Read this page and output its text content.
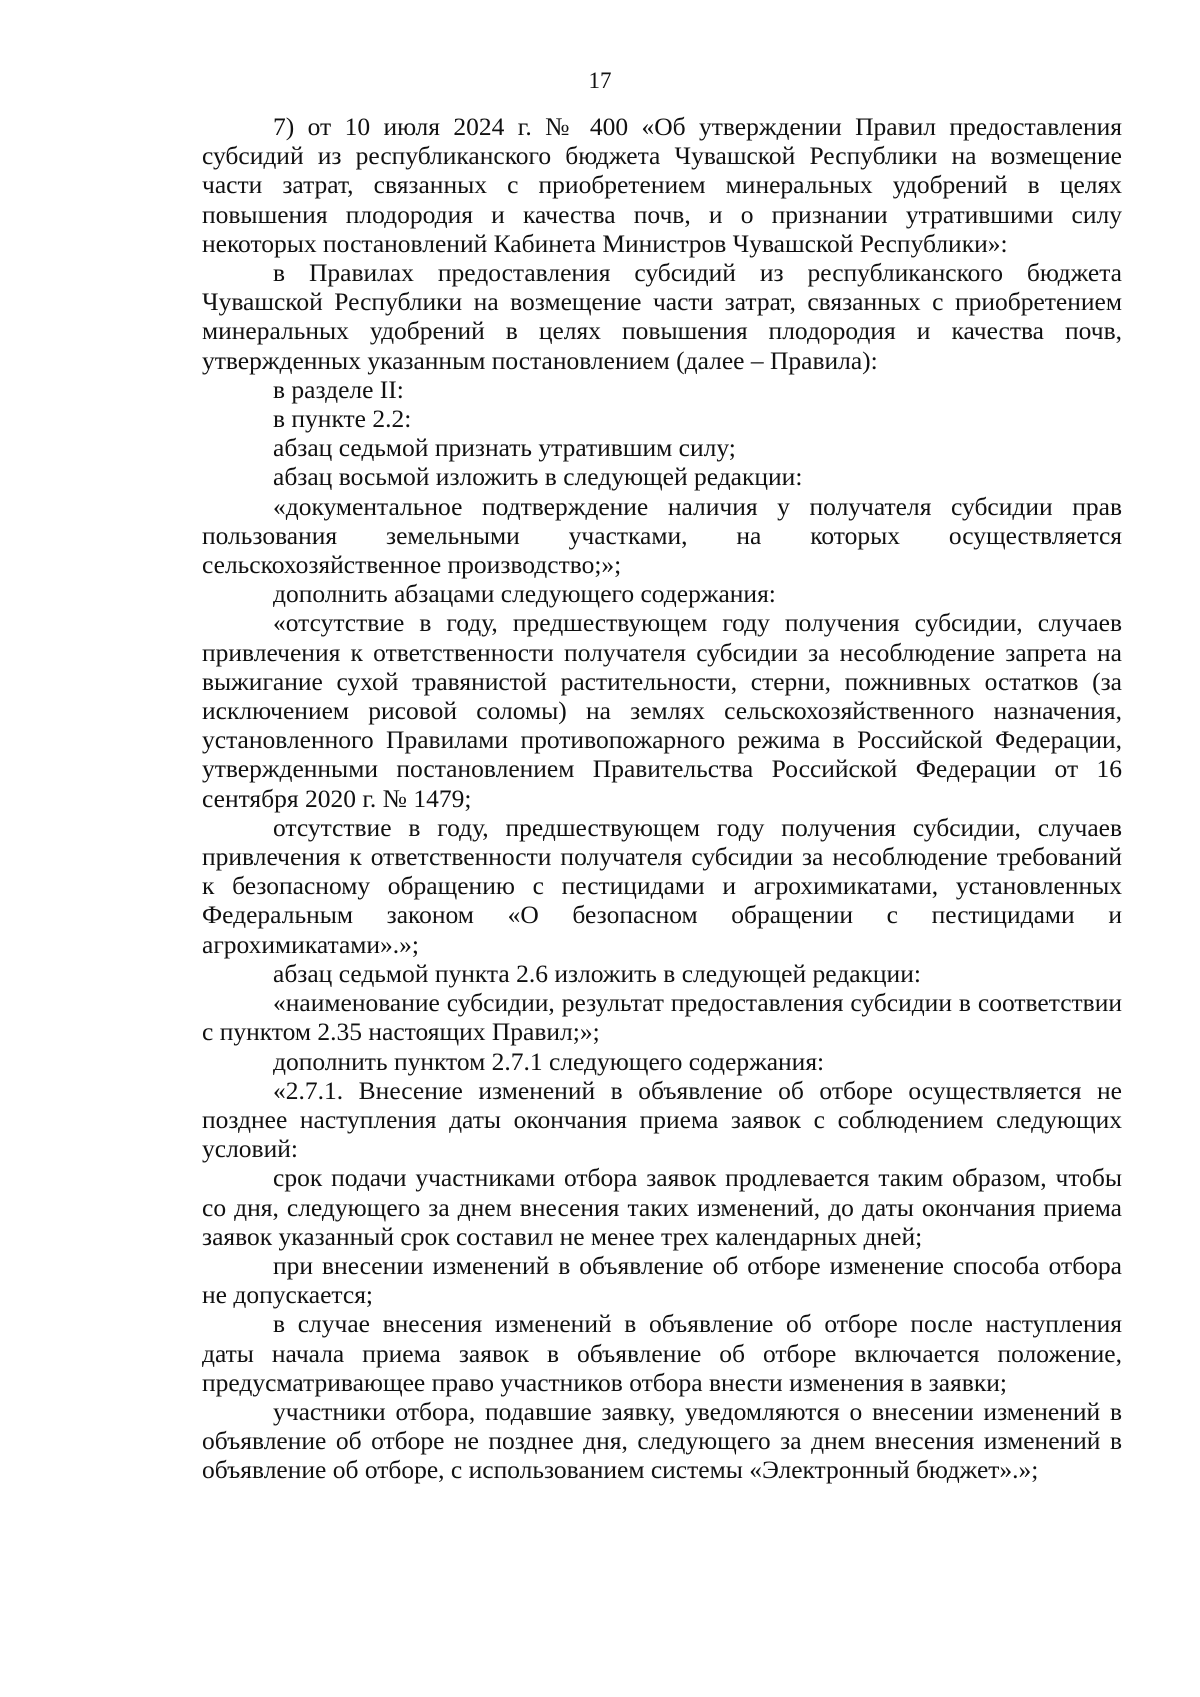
17

7) от 10 июля 2024 г. № 400 «Об утверждении Правил предоставления субсидий из республиканского бюджета Чувашской Республики на возмещение части затрат, связанных с приобретением минеральных удобрений в целях повышения плодородия и качества почв, и о признании утратившими силу некоторых постановлений Кабинета Министров Чувашской Республики»:

в Правилах предоставления субсидий из республиканского бюджета Чувашской Республики на возмещение части затрат, связанных с приобретением минеральных удобрений в целях повышения плодородия и качества почв, утвержденных указанным постановлением (далее – Правила):

в разделе II:

в пункте 2.2:

абзац седьмой признать утратившим силу;

абзац восьмой изложить в следующей редакции:

«документальное подтверждение наличия у получателя субсидии прав пользования земельными участками, на которых осуществляется сельскохозяйственное производство;»;

дополнить абзацами следующего содержания:

«отсутствие в году, предшествующем году получения субсидии, случаев привлечения к ответственности получателя субсидии за несоблюдение запрета на выжигание сухой травянистой растительности, стерни, пожнивных остатков (за исключением рисовой соломы) на землях сельскохозяйственного назначения, установленного Правилами противопожарного режима в Российской Федерации, утвержденными постановлением Правительства Российской Федерации от 16 сентября 2020 г. № 1479;

отсутствие в году, предшествующем году получения субсидии, случаев привлечения к ответственности получателя субсидии за несоблюдение требований к безопасному обращению с пестицидами и агрохимикатами, установленных Федеральным законом «О безопасном обращении с пестицидами и агрохимикатами».»;

абзац седьмой пункта 2.6 изложить в следующей редакции:

«наименование субсидии, результат предоставления субсидии в соответствии с пунктом 2.35 настоящих Правил;»;

дополнить пунктом 2.7.1 следующего содержания:

«2.7.1. Внесение изменений в объявление об отборе осуществляется не позднее наступления даты окончания приема заявок с соблюдением следующих условий:

срок подачи участниками отбора заявок продлевается таким образом, чтобы со дня, следующего за днем внесения таких изменений, до даты окончания приема заявок указанный срок составил не менее трех календарных дней;

при внесении изменений в объявление об отборе изменение способа отбора не допускается;

в случае внесения изменений в объявление об отборе после наступления даты начала приема заявок в объявление об отборе включается положение, предусматривающее право участников отбора внести изменения в заявки;

участники отбора, подавшие заявку, уведомляются о внесении изменений в объявление об отборе не позднее дня, следующего за днем внесения изменений в объявление об отборе, с использованием системы «Электронный бюджет».»;
